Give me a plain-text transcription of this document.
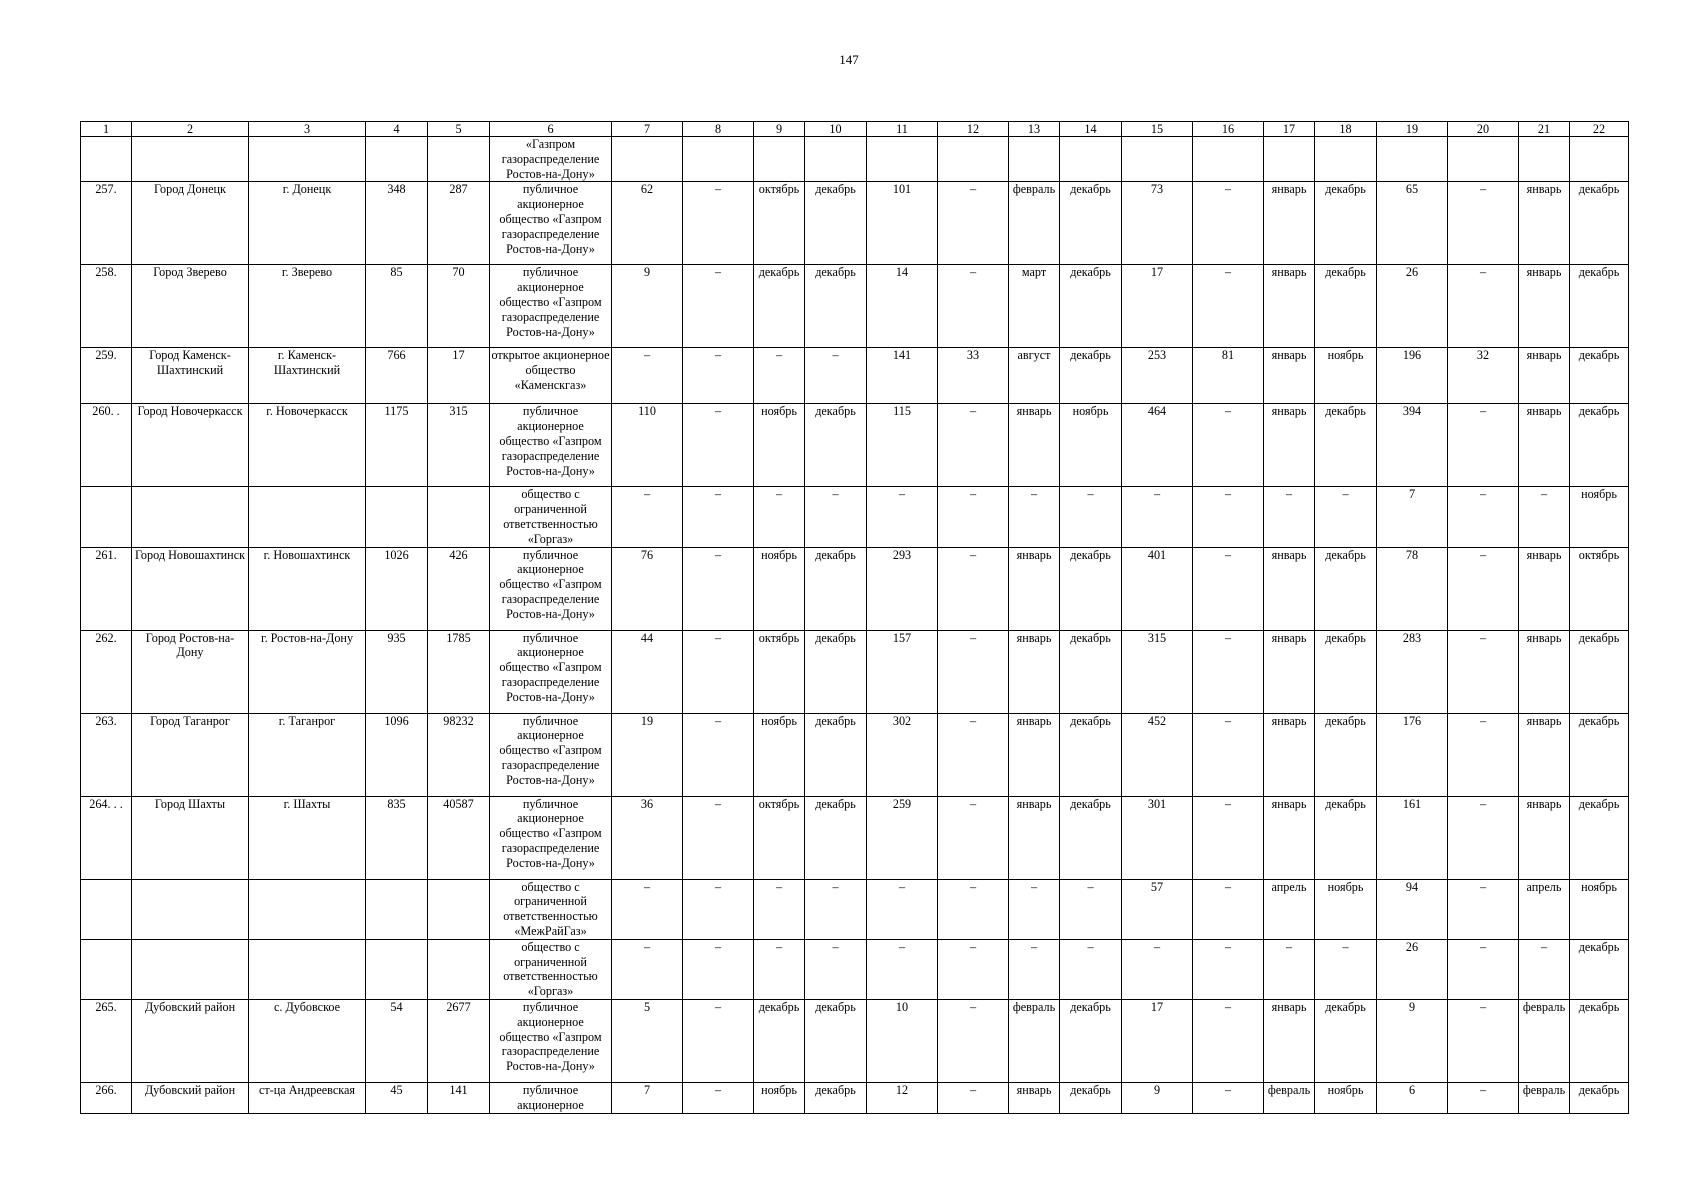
147
1	2	3	4	5	6	7	8	9	10	11	12	13	14	15	16	17	18	19	20	21	22
					«Газпром газораспределение Ростов-на-Дону»																
257.	Город Донецк	г. Донецк	348	287	публичное акционерное общество «Газпром газораспределение Ростов-на-Дону»	62	–	октябрь	декабрь	101	–	февраль	декабрь	73	–	январь	декабрь	65	–	январь	декабрь
258.	Город Зверево	г. Зверево	85	70	публичное акционерное общество «Газпром газораспределение Ростов-на-Дону»	9	–	декабрь	декабрь	14	–	март	декабрь	17	–	январь	декабрь	26	–	январь	декабрь
259.	Город Каменск-Шахтинский	г. Каменск-Шахтинский	766	17	открытое акционерное общество «Каменскгаз»	–	–	–	–	141	33	август	декабрь	253	81	январь	ноябрь	196	32	январь	декабрь
260. .	Город Новочеркасск	г. Новочеркасск	1175	315	публичное акционерное общество «Газпром газораспределение Ростов-на-Дону»	110	–	ноябрь	декабрь	115	–	январь	ноябрь	464	–	январь	декабрь	394	–	январь	декабрь
					общество с ограниченной ответственностью «Горгаз»	–	–	–	–	–	–	–	–	–	–	–	–	7	–	–	ноябрь
261.	Город Новошахтинск	г. Новошахтинск	1026	426	публичное акционерное общество «Газпром газораспределение Ростов-на-Дону»	76	–	ноябрь	декабрь	293	–	январь	декабрь	401	–	январь	декабрь	78	–	январь	октябрь
262.	Город Ростов-на-Дону	г. Ростов-на-Дону	935	1785	публичное акционерное общество «Газпром газораспределение Ростов-на-Дону»	44	–	октябрь	декабрь	157	–	январь	декабрь	315	–	январь	декабрь	283	–	январь	декабрь
263.	Город Таганрог	г. Таганрог	1096	98232	публичное акционерное общество «Газпром газораспределение Ростов-на-Дону»	19	–	ноябрь	декабрь	302	–	январь	декабрь	452	–	январь	декабрь	176	–	январь	декабрь
264. . .	Город Шахты	г. Шахты	835	40587	публичное акционерное общество «Газпром газораспределение Ростов-на-Дону»	36	–	октябрь	декабрь	259	–	январь	декабрь	301	–	январь	декабрь	161	–	январь	декабрь
					общество с ограниченной ответственностью «МежРайГаз»	–	–	–	–	–	–	–	–	57	–	апрель	ноябрь	94	–	апрель	ноябрь
					общество с ограниченной ответственностью «Горгаз»	–	–	–	–	–	–	–	–	–	–	–	–	26	–	–	декабрь
265.	Дубовский район	с. Дубовское	54	2677	публичное акционерное общество «Газпром газораспределение Ростов-на-Дону»	5	–	декабрь	декабрь	10	–	февраль	декабрь	17	–	январь	декабрь	9	–	февраль	декабрь
266.	Дубовский район	ст-ца Андреевская	45	141	публичное акционерное	7	–	ноябрь	декабрь	12	–	январь	декабрь	9	–	февраль	ноябрь	6	–	февраль	декабрь
